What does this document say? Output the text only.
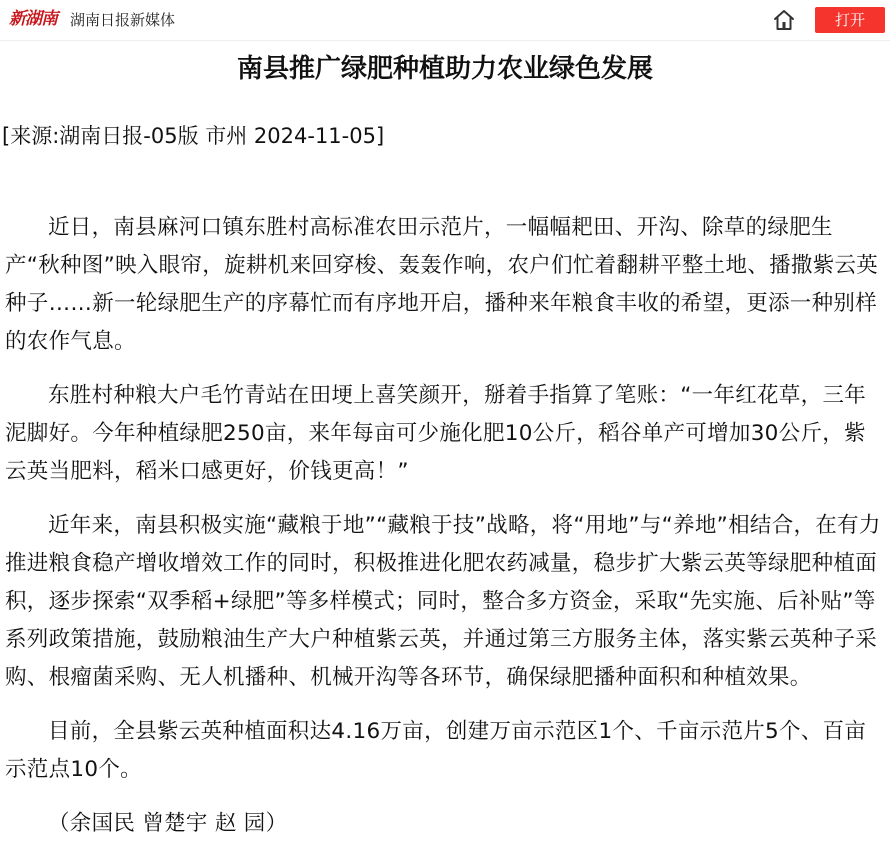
新湖南 湖南日报新媒体	打开
南县推广绿肥种植助力农业绿色发展
[来源:湖南日报-05版 市州 2024-11-05]

近日，南县麻河口镇东胜村高标准农田示范片，一幅幅耙田、开沟、除草的绿肥生产“秋种图”映入眼帘，旋耕机来回穿梭、轰轰作响，农户们忙着翻耕平整土地、播撒紫云英种子……新一轮绿肥生产的序幕忙而有序地开启，播种来年粮食丰收的希望，更添一种别样的农作气息。

东胜村种粮大户毛竹青站在田埂上喜笑颜开，掰着手指算了笔账：“一年红花草，三年泥脚好。今年种植绿肥250亩，来年每亩可少施化肥10公斤，稻谷单产可增加30公斤，紫云英当肥料，稻米口感更好，价钱更高！”

近年来，南县积极实施“藏粮于地”“藏粮于技”战略，将“用地”与“养地”相结合，在有力推进粮食稳产增收增效工作的同时，积极推进化肥农药减量，稳步扩大紫云英等绿肥种植面积，逐步探索“双季稻+绿肥”等多样模式；同时，整合多方资金，采取“先实施、后补贴”等系列政策措施，鼓励粮油生产大户种植紫云英，并通过第三方服务主体，落实紫云英种子采购、根瘤菌采购、无人机播种、机械开沟等各环节，确保绿肥播种面积和种植效果。

目前，全县紫云英种植面积达4.16万亩，创建万亩示范区1个、千亩示范片5个、百亩示范点10个。

（余国民 曾楚宇 赵 园）
